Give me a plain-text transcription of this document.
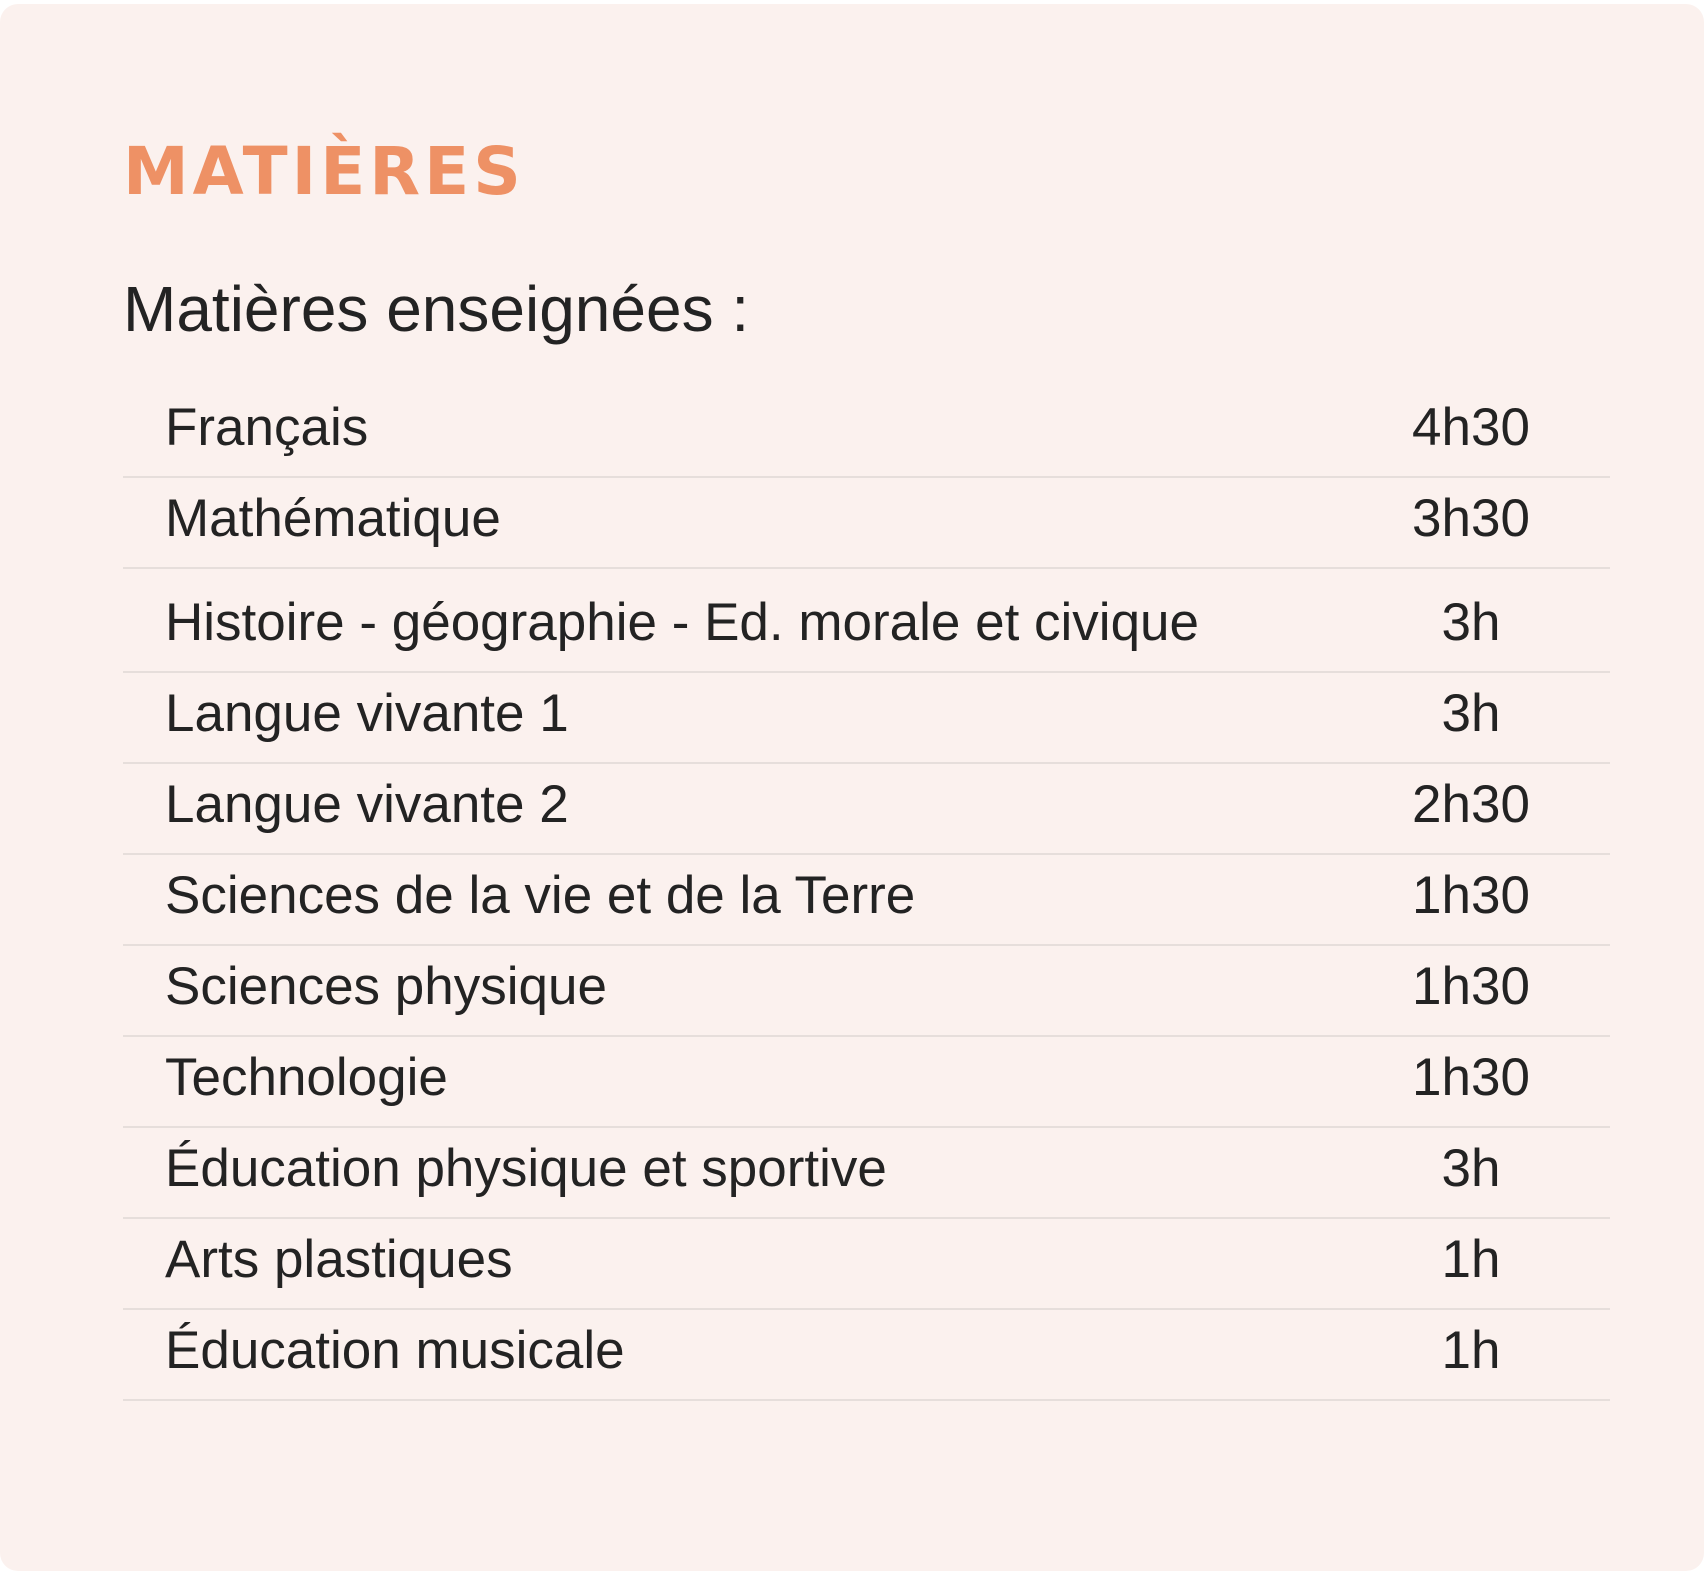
MATIÈRES
Matières enseignées :
Français	4h30
Mathématique	3h30
Histoire - géographie - Ed. morale et civique	3h
Langue vivante 1	3h
Langue vivante 2	2h30
Sciences de la vie et de la Terre	1h30
Sciences physique	1h30
Technologie	1h30
Éducation physique et sportive	3h
Arts plastiques	1h
Éducation musicale	1h
